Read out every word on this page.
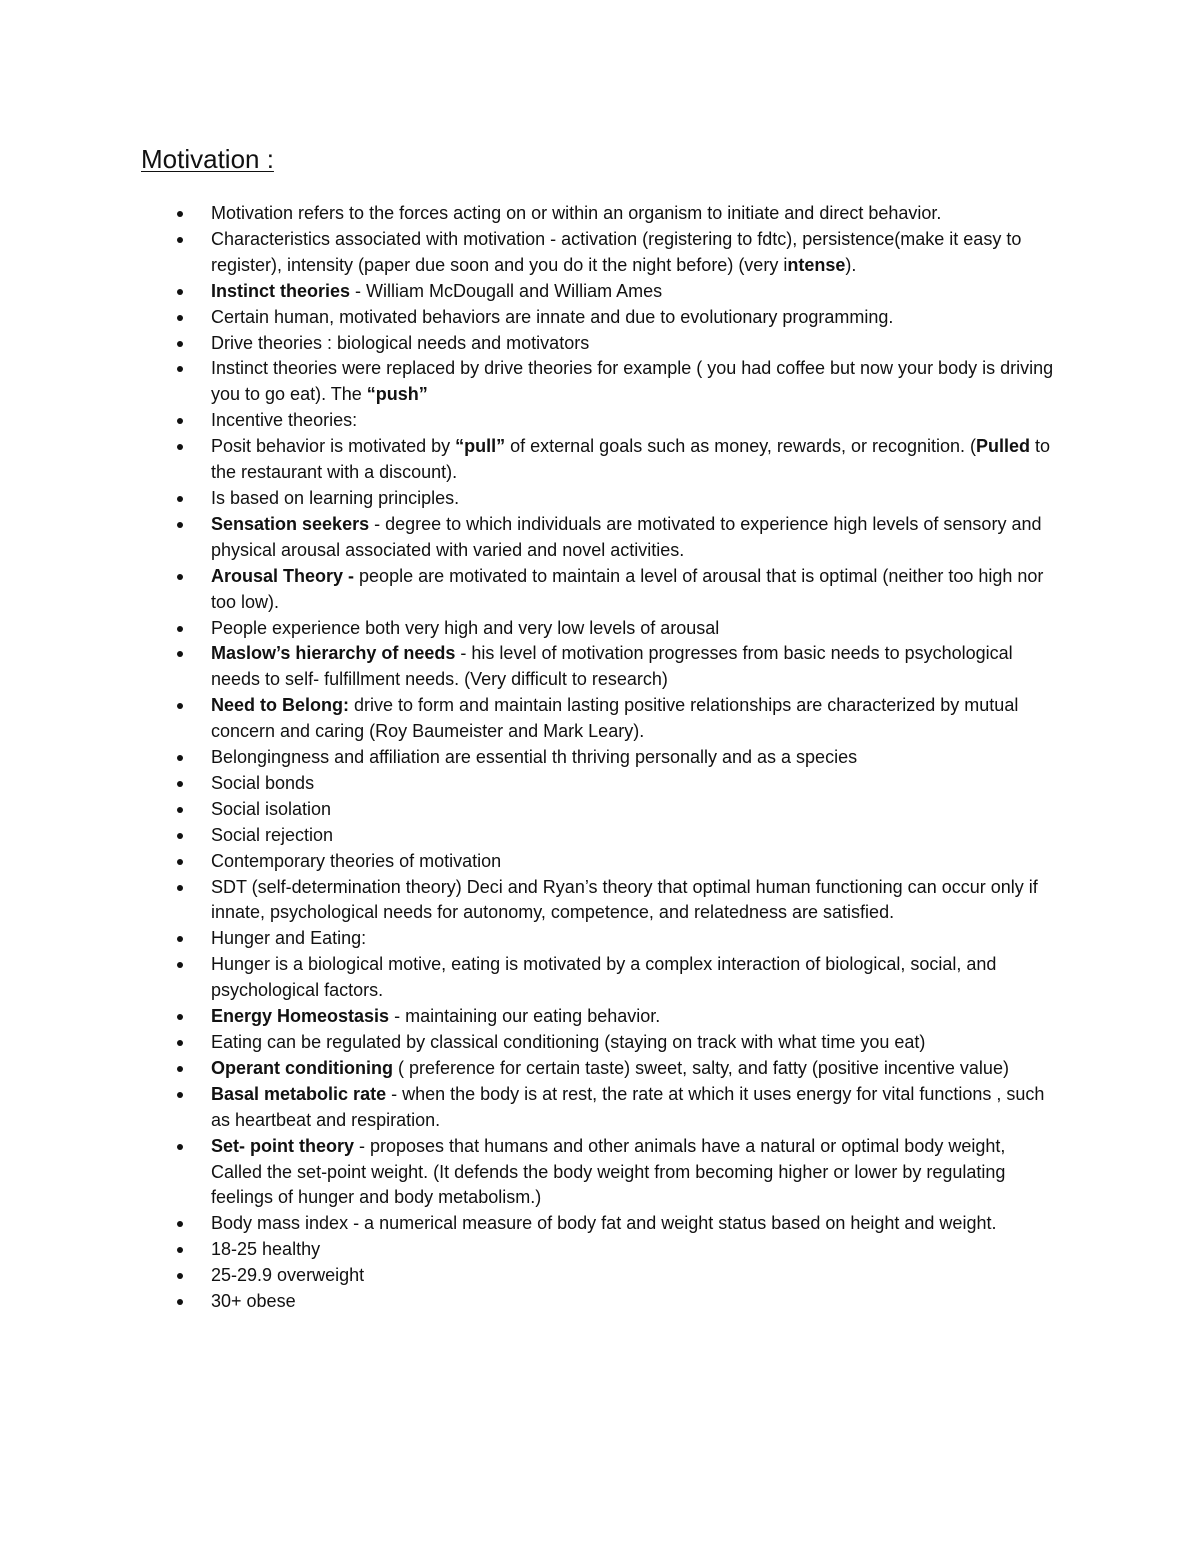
Motivation :
Motivation refers to the forces acting on or within an organism to initiate and direct behavior.
Characteristics associated with motivation - activation (registering to fdtc), persistence(make it easy to register), intensity (paper due soon and you do it the night before) (very intense).
Instinct theories - William McDougall and William Ames
Certain human, motivated behaviors are innate and due to evolutionary programming.
Drive theories : biological needs and motivators
Instinct theories were replaced by drive theories for example ( you had coffee but now your body is driving you to go eat). The “push”
Incentive theories:
Posit behavior is motivated by “pull” of external goals such as money, rewards, or recognition. (Pulled to the restaurant with a discount).
Is based on learning principles.
Sensation seekers - degree to which individuals are motivated to experience high levels of sensory and physical arousal associated with varied and novel activities.
Arousal Theory - people are motivated to maintain a level of arousal that is optimal (neither too high nor too low).
People experience both very high and very low levels of arousal
Maslow’s hierarchy of needs - his level of motivation progresses from basic needs to psychological needs to self- fulfillment needs. (Very difficult to research)
Need to Belong: drive to form and maintain lasting positive relationships are characterized by mutual concern and caring (Roy Baumeister and Mark Leary).
Belongingness and affiliation are essential th thriving personally and as a species
Social bonds
Social isolation
Social rejection
Contemporary theories of motivation
SDT (self-determination theory) Deci and Ryan’s theory that optimal human functioning can occur only if innate, psychological needs for autonomy, competence, and relatedness are satisfied.
Hunger and Eating:
Hunger is a biological motive, eating is motivated by a complex interaction of biological, social, and psychological factors.
Energy Homeostasis - maintaining our eating behavior.
Eating can be regulated by classical conditioning (staying on track with what time you eat)
Operant conditioning ( preference for certain taste) sweet, salty, and fatty (positive incentive value)
Basal metabolic rate - when the body is at rest, the rate at which it uses energy for vital functions , such as heartbeat and respiration.
Set- point theory - proposes that humans and other animals have a natural or optimal body weight, Called the set-point weight. (It defends the body weight from becoming higher or lower by regulating feelings of hunger and body metabolism.)
Body mass index - a numerical measure of body fat and weight status based on height and weight.
18-25 healthy
25-29.9 overweight
30+ obese
